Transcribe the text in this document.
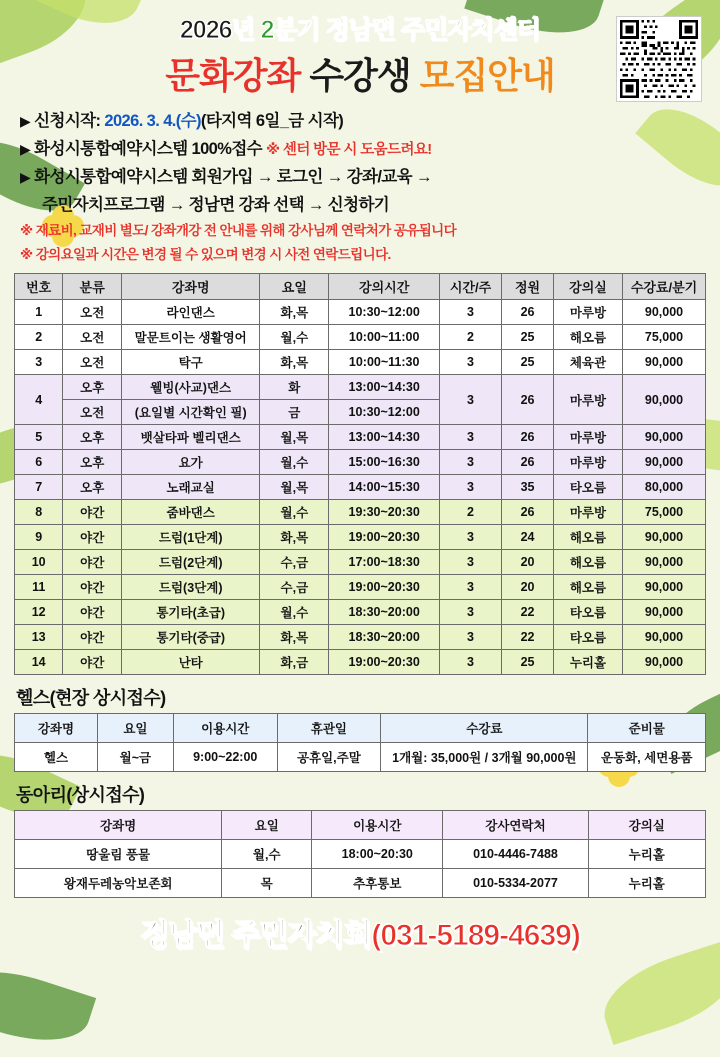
2026년 2분기 정남면 주민자치센터
문화강좌 수강생 모집안내
▶ 신청시작: 2026. 3. 4.(수)(타지역 6일_금 시작)
▶ 화성시통합예약시스템 100%접수 ※ 센터 방문 시 도움드려요!
▶ 화성시통합예약시스템 회원가입 → 로그인 → 강좌/교육 →
주민자치프로그램 → 정남면 강좌 선택 → 신청하기
※ 재료비, 교재비 별도/ 강좌개강 전 안내를 위해 강사님께 연락처가 공유됩니다
※ 강의요일과 시간은 변경 될 수 있으며 변경 시 사전 연락드립니다.
번호	분류	강좌명	요일	강의시간	시간/주	정원	강의실	수강료/분기
1	오전	라인댄스	화,목	10:30~12:00	3	26	마루방	90,000
2	오전	말문트이는 생활영어	월,수	10:00~11:00	2	25	해오름	75,000
3	오전	탁구	화,목	10:00~11:30	3	25	체육관	90,000
4	오후	웰빙(사교)댄스	화	13:00~14:30	3	26	마루방	90,000
	오전	(요일별 시간확인 필)	금	10:30~12:00				
5	오후	뱃살타파 벨리댄스	월,목	13:00~14:30	3	26	마루방	90,000
6	오후	요가	월,수	15:00~16:30	3	26	마루방	90,000
7	오후	노래교실	월,목	14:00~15:30	3	35	타오름	80,000
8	야간	줌바댄스	월,수	19:30~20:30	2	26	마루방	75,000
9	야간	드럼(1단계)	화,목	19:00~20:30	3	24	해오름	90,000
10	야간	드럼(2단계)	수,금	17:00~18:30	3	20	해오름	90,000
11	야간	드럼(3단계)	수,금	19:00~20:30	3	20	해오름	90,000
12	야간	통기타(초급)	월,수	18:30~20:00	3	22	타오름	90,000
13	야간	통기타(중급)	화,목	18:30~20:00	3	22	타오름	90,000
14	야간	난타	화,금	19:00~20:30	3	25	누리홀	90,000
헬스(현장 상시접수)
강좌명	요일	이용시간	휴관일	수강료	준비물
헬스	월~금	9:00~22:00	공휴일,주말	1개월: 35,000원 / 3개월 90,000원	운동화, 세면용품
동아리(상시접수)
강좌명	요일	이용시간	강사연락처	강의실
땅울림 풍물	월,수	18:00~20:30	010-4446-7488	누리홀
왕재두레농악보존회	목	추후통보	010-5334-2077	누리홀
정남면 주민자치회(031-5189-4639)
